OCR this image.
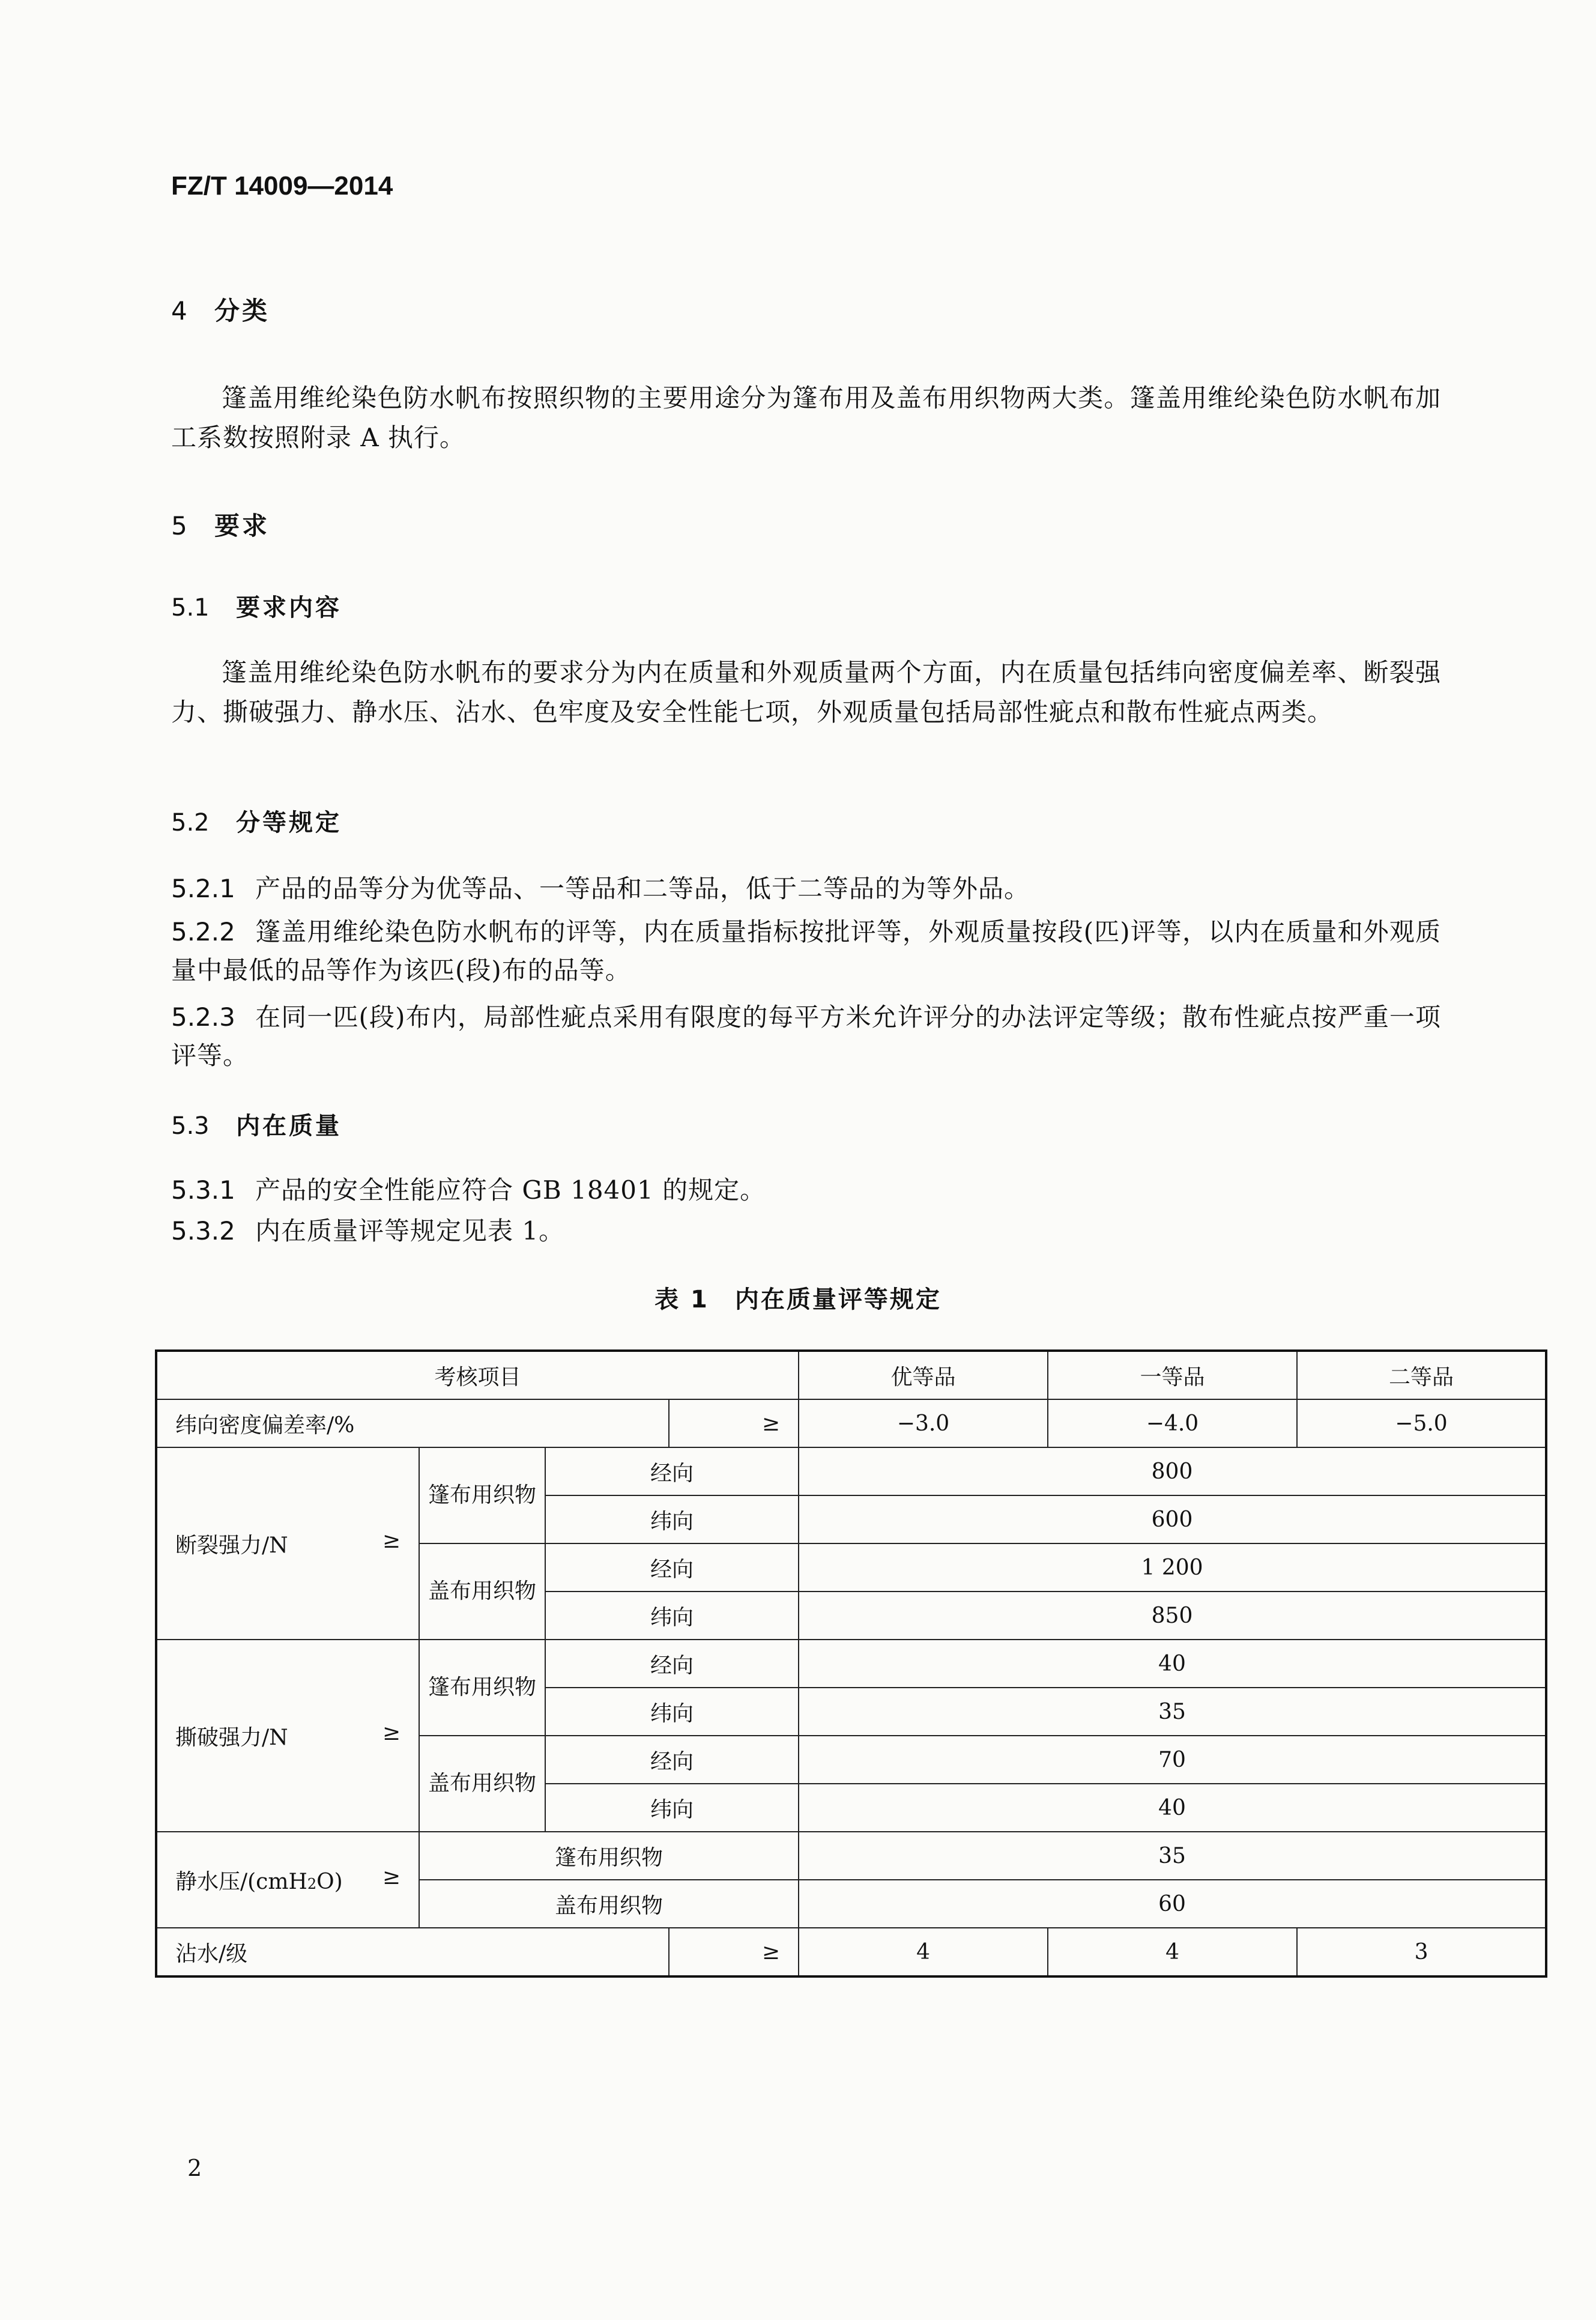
FZ/T 14009—2014
4 分类
篷盖用维纶染色防水帆布按照织物的主要用途分为篷布用及盖布用织物两大类。篷盖用维纶染色防水帆布加工系数按照附录 A 执行。
5 要求
5.1 要求内容
篷盖用维纶染色防水帆布的要求分为内在质量和外观质量两个方面，内在质量包括纬向密度偏差率、断裂强力、撕破强力、静水压、沾水、色牢度及安全性能七项，外观质量包括局部性疵点和散布性疵点两类。
5.2 分等规定
5.2.1 产品的品等分为优等品、一等品和二等品，低于二等品的为等外品。
5.2.2 篷盖用维纶染色防水帆布的评等，内在质量指标按批评等，外观质量按段(匹)评等，以内在质量和外观质量中最低的品等作为该匹(段)布的品等。
5.2.3 在同一匹(段)布内，局部性疵点采用有限度的每平方米允许评分的办法评定等级；散布性疵点按严重一项评等。
5.3 内在质量
5.3.1 产品的安全性能应符合 GB 18401 的规定。
5.3.2 内在质量评等规定见表 1。
表 1　内在质量评等规定
考核项目				优等品	一等品	二等品
纬向密度偏差率/%			≥	−3.0	−4.0	−5.0
断裂强力/N ≥	篷布用织物	经向		800		
		纬向		600		
	盖布用织物	经向		1 200		
		纬向		850		
撕破强力/N ≥	篷布用织物	经向		40		
		纬向		35		
	盖布用织物	经向		70		
		纬向		40		
静水压/(cmH2O) ≥	篷布用织物			35		
	盖布用织物			60		
沾水/级			≥	4	4	3
2
